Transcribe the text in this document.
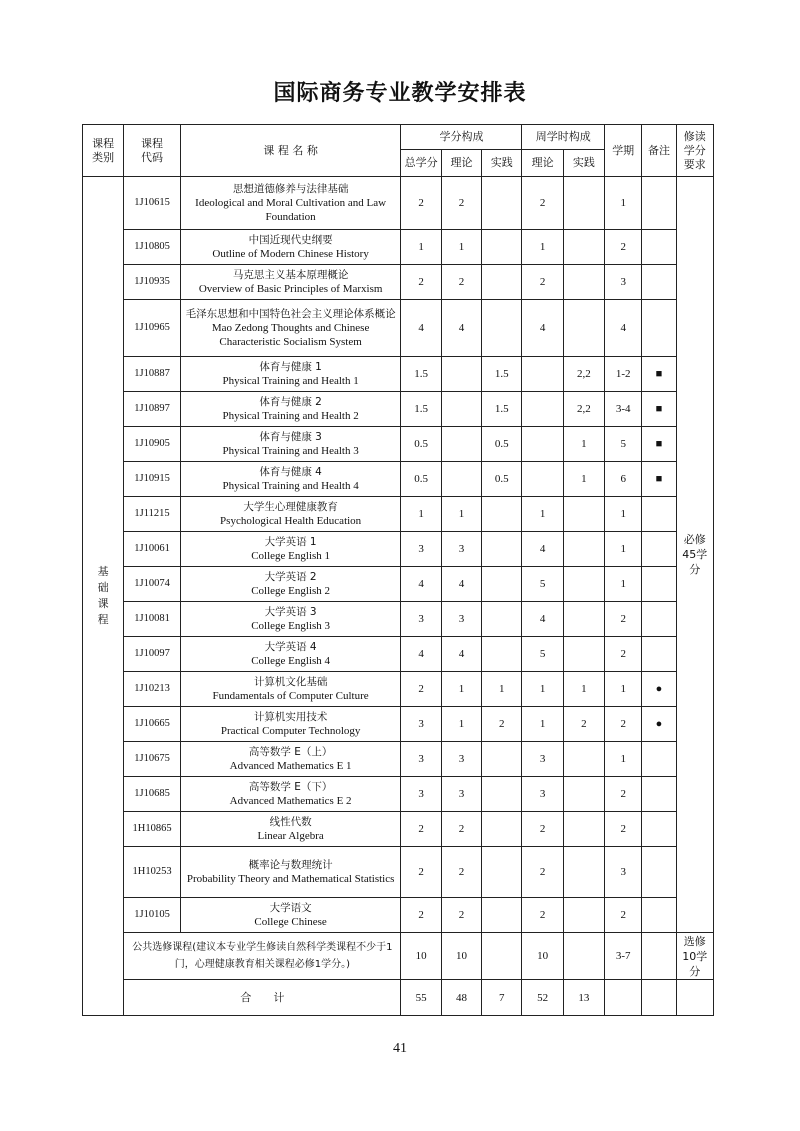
国际商务专业教学安排表
课程类别	课程代码	课 程 名 称	学分构成			周学时构成		学期	备注	修读学分要求
			总学分	理论	实践	理论	实践			
基础课程	1J10615	思想道德修养与法律基础
Ideological and Moral Cultivation and Law Foundation	2	2		2		1		必修45学分
	1J10805	中国近现代史纲要
Outline of Modern Chinese History	1	1		1		2		
	1J10935	马克思主义基本原理概论
Overview of Basic Principles of Marxism	2	2		2		3		
	1J10965	毛泽东思想和中国特色社会主义理论体系概论
Mao Zedong Thoughts and Chinese Characteristic Socialism System	4	4		4		4		
	1J10887	体育与健康 1
Physical Training and Health 1	1.5		1.5		2,2	1-2	■	
	1J10897	体育与健康 2
Physical Training and Health 2	1.5		1.5		2,2	3-4	■	
	1J10905	体育与健康 3
Physical Training and Health 3	0.5		0.5		1	5	■	
	1J10915	体育与健康 4
Physical Training and Health 4	0.5		0.5		1	6	■	
	1J11215	大学生心理健康教育
Psychological Health Education	1	1		1		1		
	1J10061	大学英语 1
College English 1	3	3		4		1		
	1J10074	大学英语 2
College English 2	4	4		5		1		
	1J10081	大学英语 3
College English 3	3	3		4		2		
	1J10097	大学英语 4
College English 4	4	4		5		2		
	1J10213	计算机文化基础
Fundamentals of Computer Culture	2	1	1	1	1	1	●	
	1J10665	计算机实用技术
Practical Computer Technology	3	1	2	1	2	2	●	
	1J10675	高等数学 E（上）
Advanced Mathematics E 1	3	3		3		1		
	1J10685	高等数学 E（下）
Advanced Mathematics E 2	3	3		3		2		
	1H10865	线性代数
Linear Algebra	2	2		2		2		
	1H10253	概率论与数理统计
Probability Theory and Mathematical Statistics	2	2		2		3		
	1J10105	大学语文
College Chinese	2	2		2		2		
	公共选修课程(建议本专业学生修读自然科学类课程不少于1门，心理健康教育相关课程必修1学分。)		10	10		10		3-7		选修10学分
	合　　计		55	48	7	52	13			
41
